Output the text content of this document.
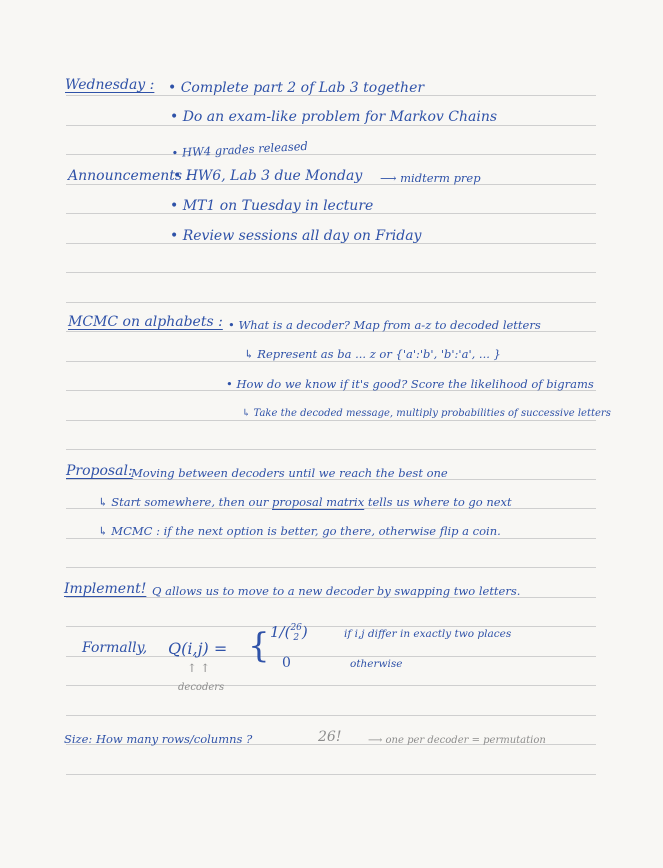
Wednesday : • Complete part 2 of Lab 3 together
• Do an exam-like problem for Markov Chains
• HW4 grades released
Announcements :
• HW6, Lab 3 due Monday ⟶ midterm prep
• MT1 on Tuesday in lecture
• Review sessions all day on Friday
MCMC on alphabets : • What is a decoder? Map from a-z to decoded letters
↳ Represent as ba ... z or {'a':'b', 'b':'a', ... }
• How do we know if it's good? Score the likelihood of bigrams
↳ Take the decoded message, multiply probabilities of successive letters
Proposal:
Moving between decoders until we reach the best one
↳ Start somewhere, then our proposal matrix tells us where to go next
↳ MCMC : if the next option is better, go there, otherwise flip a coin.
Implement! Q allows us to move to a new decoder by swapping two letters.
Formally, Q(i,j) = { 1/( 26
2 )	if i,j differ in exactly two places
0	otherwise
↑ ↑
decoders
Size: How many rows/columns ?	26!	⟶ one per decoder = permutation
